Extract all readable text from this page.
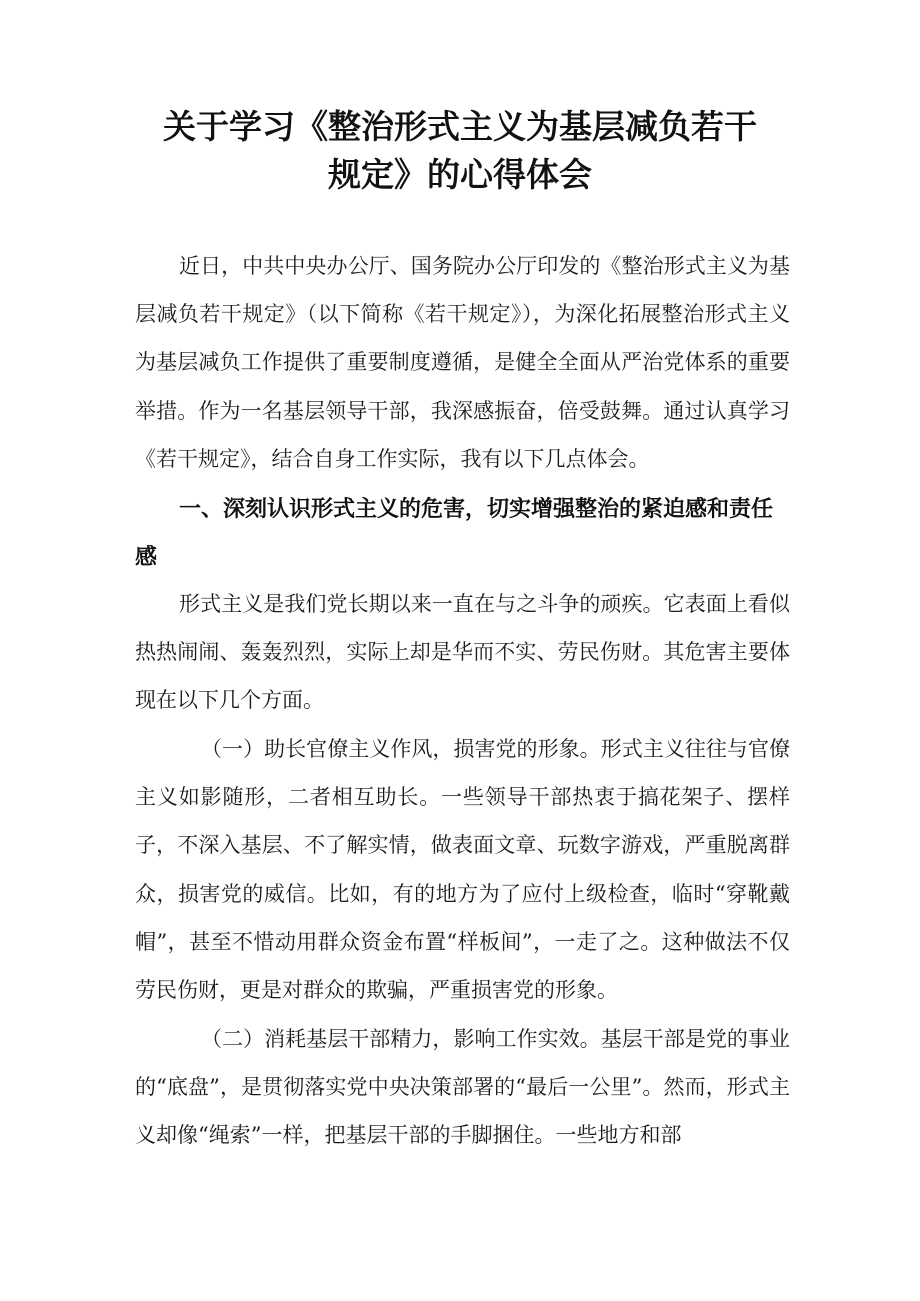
关于学习《整治形式主义为基层减负若干
规定》的心得体会

近日，中共中央办公厅、国务院办公厅印发的《整治形式主义为基层减负若干规定》（以下简称《若干规定》），为深化拓展整治形式主义为基层减负工作提供了重要制度遵循，是健全全面从严治党体系的重要举措。作为一名基层领导干部，我深感振奋，倍受鼓舞。通过认真学习《若干规定》，结合自身工作实际，我有以下几点体会。

一、深刻认识形式主义的危害，切实增强整治的紧迫感和责任感

形式主义是我们党长期以来一直在与之斗争的顽疾。它表面上看似热热闹闹、轰轰烈烈，实际上却是华而不实、劳民伤财。其危害主要体现在以下几个方面。

（一）助长官僚主义作风，损害党的形象。形式主义往往与官僚主义如影随形，二者相互助长。一些领导干部热衷于搞花架子、摆样子，不深入基层、不了解实情，做表面文章、玩数字游戏，严重脱离群众，损害党的威信。比如，有的地方为了应付上级检查，临时“穿靴戴帽”，甚至不惜动用群众资金布置“样板间”，一走了之。这种做法不仅劳民伤财，更是对群众的欺骗，严重损害党的形象。

（二）消耗基层干部精力，影响工作实效。基层干部是党的事业的“底盘”，是贯彻落实党中央决策部署的“最后一公里”。然而，形式主义却像“绳索”一样，把基层干部的手脚捆住。一些地方和部
